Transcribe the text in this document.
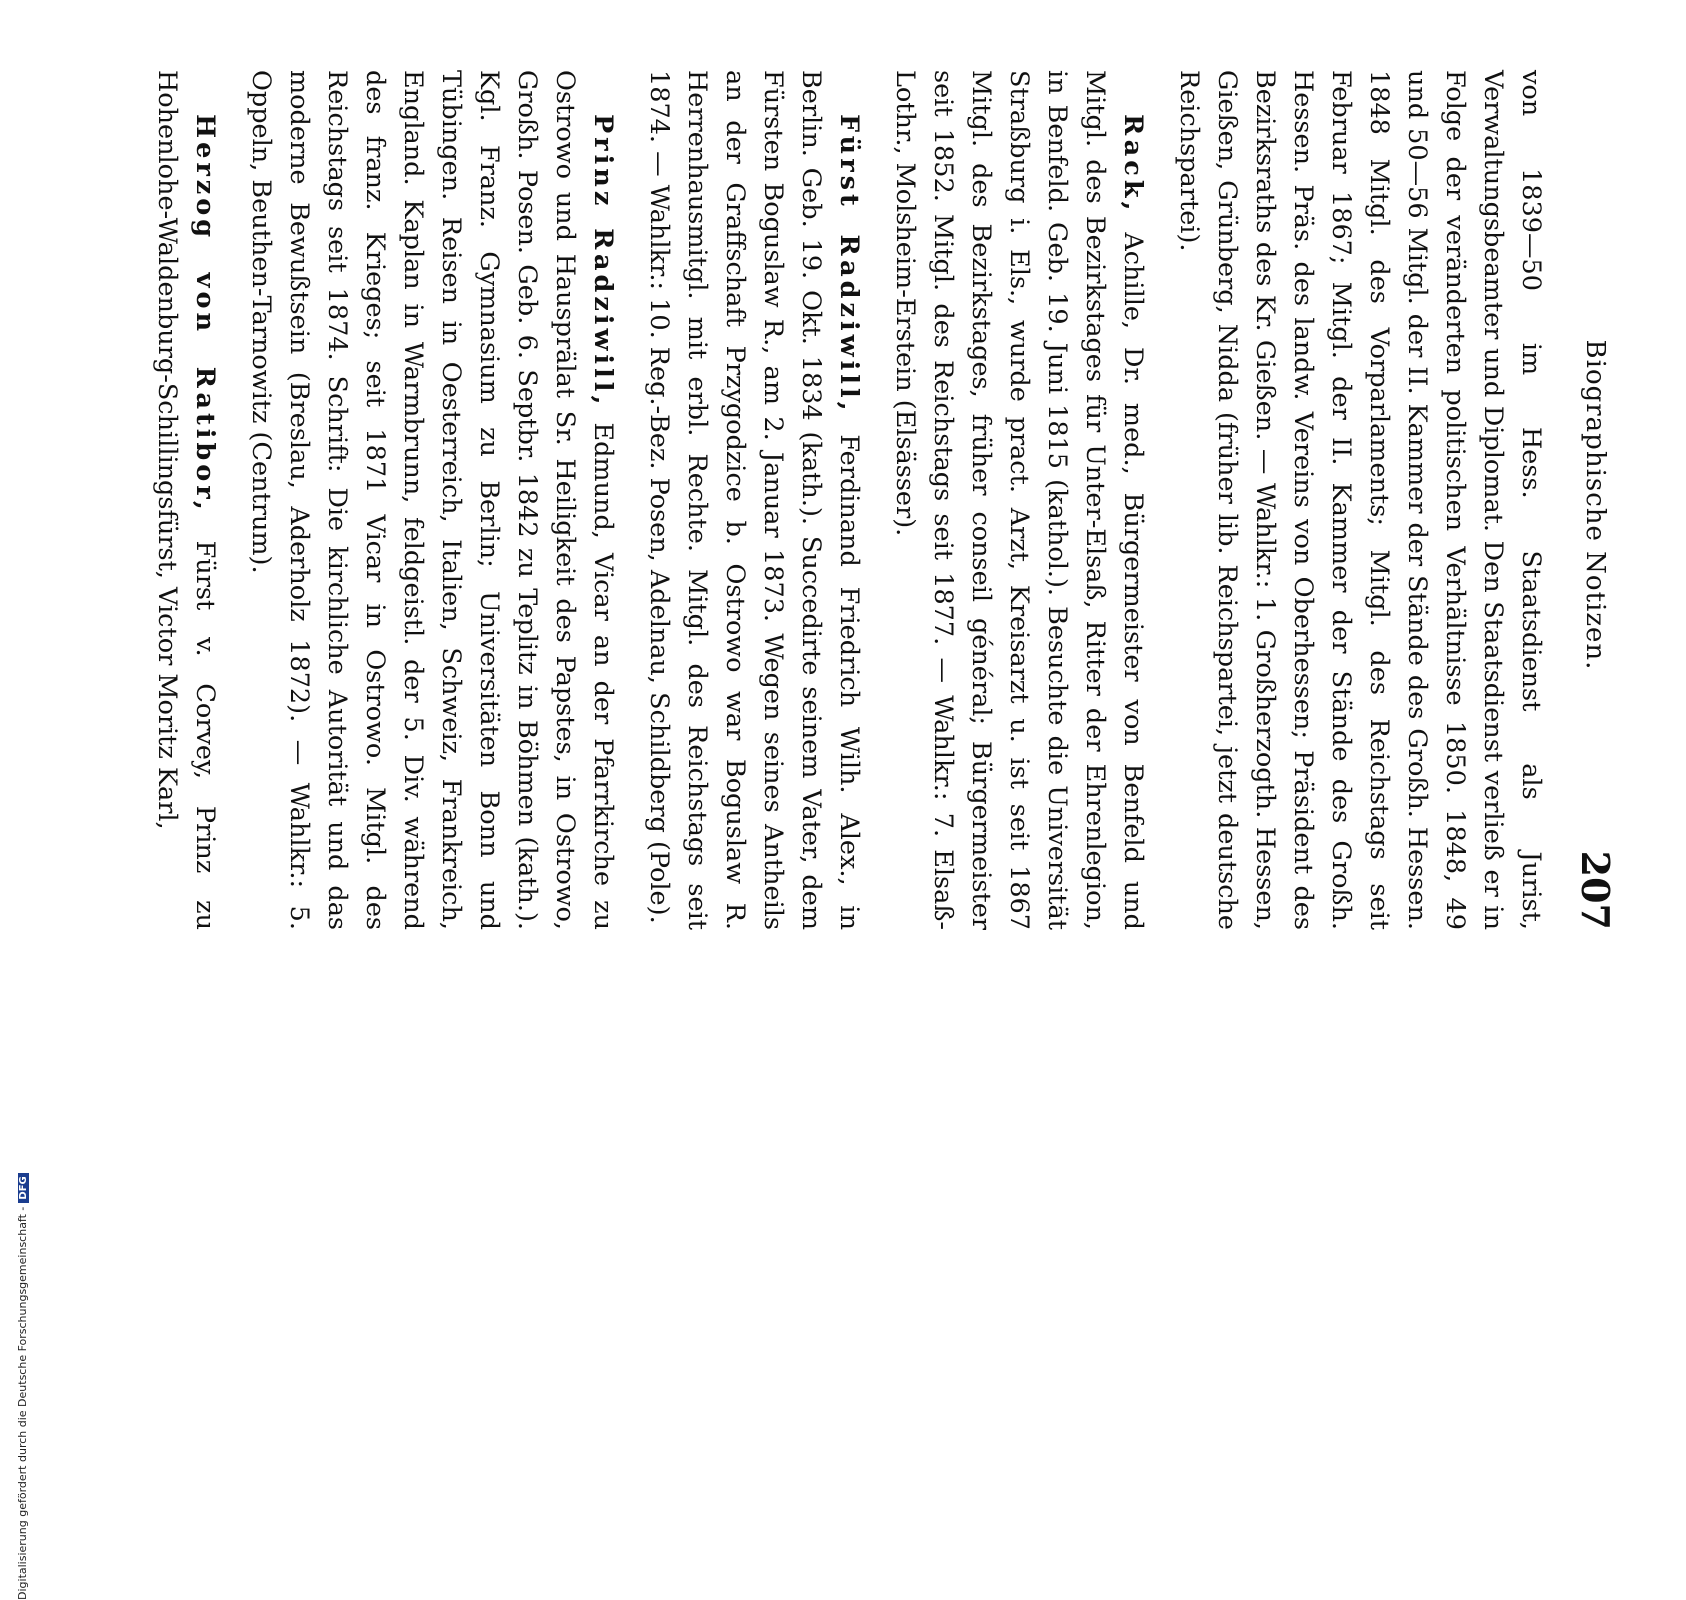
Digitalisierung gefördert durch die Deutsche Forschungsgemeinschaft -DFG
Biographische Notizen.
207

von 1839—50 im Hess. Staatsdienst als Jurist, Verwaltungsbeamter und Diplomat. Den Staatsdienst verließ er in Folge der veränderten politischen Verhältnisse 1850. 1848, 49 und 50—56 Mitgl. der II. Kammer der Stände des Großh. Hessen. 1848 Mitgl. des Vorparlaments; Mitgl. des Reichstags seit Februar 1867; Mitgl. der II. Kammer der Stände des Großh. Hessen. Präs. des landw. Vereins von Oberhessen; Präsident des Bezirksraths des Kr. Gießen. — Wahlkr.: 1. Großherzogth. Hessen, Gießen, Grünberg, Nidda (früher lib. Reichspartei, jetzt deutsche Reichspartei).

Rack, Achille, Dr. med., Bürgermeister von Benfeld und Mitgl. des Bezirkstages für Unter-Elsaß, Ritter der Ehrenlegion, in Benfeld. Geb. 19. Juni 1815 (kathol.). Besuchte die Universität Straßburg i. Els., wurde pract. Arzt, Kreisarzt u. ist seit 1867 Mitgl. des Bezirkstages, früher conseil général; Bürgermeister seit 1852. Mitgl. des Reichstags seit 1877. — Wahlkr.: 7. Elsaß-Lothr., Molsheim-Erstein (Elsässer).

Fürst Radziwill, Ferdinand Friedrich Wilh. Alex., in Berlin. Geb. 19. Okt. 1834 (kath.). Succedirte seinem Vater, dem Fürsten Boguslaw R., am 2. Januar 1873. Wegen seines Antheils an der Graffschaft Przygodzice b. Ostrowo war Boguslaw R. Herrenhausmitgl. mit erbl. Rechte. Mitgl. des Reichstags seit 1874. — Wahlkr.: 10. Reg.-Bez. Posen, Adelnau, Schildberg (Pole).

Prinz Radziwill, Edmund, Vicar an der Pfarrkirche zu Ostrowo und Hausprälat Sr. Heiligkeit des Papstes, in Ostrowo, Großh. Posen. Geb. 6. Septbr. 1842 zu Teplitz in Böhmen (kath.). Kgl. Franz. Gymnasium zu Berlin; Universitäten Bonn und Tübingen. Reisen in Oesterreich, Italien, Schweiz, Frankreich, England. Kaplan in Warmbrunn, feldgeistl. der 5. Div. während des franz. Krieges; seit 1871 Vicar in Ostrowo. Mitgl. des Reichstags seit 1874. Schrift: Die kirchliche Autorität und das moderne Bewußtsein (Breslau, Aderholz 1872). — Wahlkr.: 5. Oppeln, Beuthen-Tarnowitz (Centrum).

Herzog von Ratibor, Fürst v. Corvey, Prinz zu Hohenlohe-Waldenburg-Schillingsfürst, Victor Moritz Karl,
